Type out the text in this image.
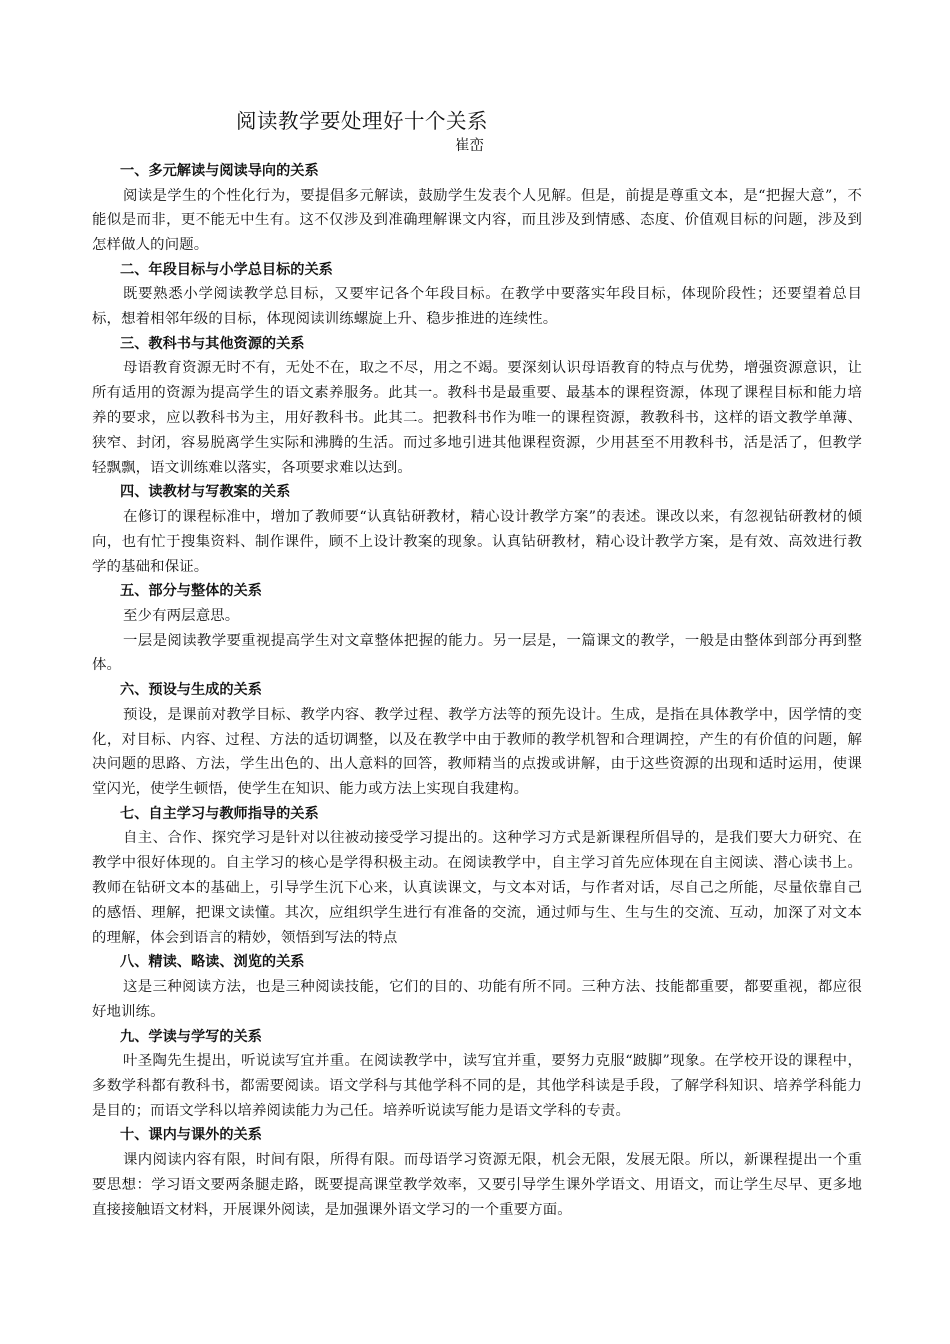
阅读教学要处理好十个关系
崔峦
一、多元解读与阅读导向的关系

阅读是学生的个性化行为，要提倡多元解读，鼓励学生发表个人见解。但是，前提是尊重文本，是“把握大意”，不能似是而非，更不能无中生有。这不仅涉及到准确理解课文内容，而且涉及到情感、态度、价值观目标的问题，涉及到怎样做人的问题。

二、年段目标与小学总目标的关系

既要熟悉小学阅读教学总目标，又要牢记各个年段目标。在教学中要落实年段目标，体现阶段性；还要望着总目标，想着相邻年级的目标，体现阅读训练螺旋上升、稳步推进的连续性。

三、教科书与其他资源的关系

母语教育资源无时不有，无处不在，取之不尽，用之不竭。要深刻认识母语教育的特点与优势，增强资源意识，让所有适用的资源为提高学生的语文素养服务。此其一。教科书是最重要、最基本的课程资源，体现了课程目标和能力培养的要求，应以教科书为主，用好教科书。此其二。把教科书作为唯一的课程资源，教教科书，这样的语文教学单薄、狭窄、封闭，容易脱离学生实际和沸腾的生活。而过多地引进其他课程资源，少用甚至不用教科书，活是活了，但教学轻飘飘，语文训练难以落实，各项要求难以达到。

四、读教材与写教案的关系

在修订的课程标准中，增加了教师要“认真钻研教材，精心设计教学方案”的表述。课改以来，有忽视钻研教材的倾向，也有忙于搜集资料、制作课件，顾不上设计教案的现象。认真钻研教材，精心设计教学方案，是有效、高效进行教学的基础和保证。

五、部分与整体的关系

至少有两层意思。

一层是阅读教学要重视提高学生对文章整体把握的能力。另一层是，一篇课文的教学，一般是由整体到部分再到整体。

六、预设与生成的关系

预设，是课前对教学目标、教学内容、教学过程、教学方法等的预先设计。生成，是指在具体教学中，因学情的变化，对目标、内容、过程、方法的适切调整，以及在教学中由于教师的教学机智和合理调控，产生的有价值的问题，解决问题的思路、方法，学生出色的、出人意料的回答，教师精当的点拨或讲解，由于这些资源的出现和适时运用，使课堂闪光，使学生顿悟，使学生在知识、能力或方法上实现自我建构。

七、自主学习与教师指导的关系

自主、合作、探究学习是针对以往被动接受学习提出的。这种学习方式是新课程所倡导的，是我们要大力研究、在教学中很好体现的。自主学习的核心是学得积极主动。在阅读教学中，自主学习首先应体现在自主阅读、潜心读书上。教师在钻研文本的基础上，引导学生沉下心来，认真读课文，与文本对话，与作者对话，尽自己之所能，尽量依靠自己的感悟、理解，把课文读懂。其次，应组织学生进行有准备的交流，通过师与生、生与生的交流、互动，加深了对文本的理解，体会到语言的精妙，领悟到写法的特点

八、精读、略读、浏览的关系

这是三种阅读方法，也是三种阅读技能，它们的目的、功能有所不同。三种方法、技能都重要，都要重视，都应很好地训练。

九、学读与学写的关系

叶圣陶先生提出，听说读写宜并重。在阅读教学中，读写宜并重，要努力克服“跛脚”现象。在学校开设的课程中，多数学科都有教科书，都需要阅读。语文学科与其他学科不同的是，其他学科读是手段，了解学科知识、培养学科能力是目的；而语文学科以培养阅读能力为己任。培养听说读写能力是语文学科的专责。

十、课内与课外的关系

课内阅读内容有限，时间有限，所得有限。而母语学习资源无限，机会无限，发展无限。所以，新课程提出一个重要思想：学习语文要两条腿走路，既要提高课堂教学效率，又要引导学生课外学语文、用语文，而让学生尽早、更多地直接接触语文材料，开展课外阅读，是加强课外语文学习的一个重要方面。
